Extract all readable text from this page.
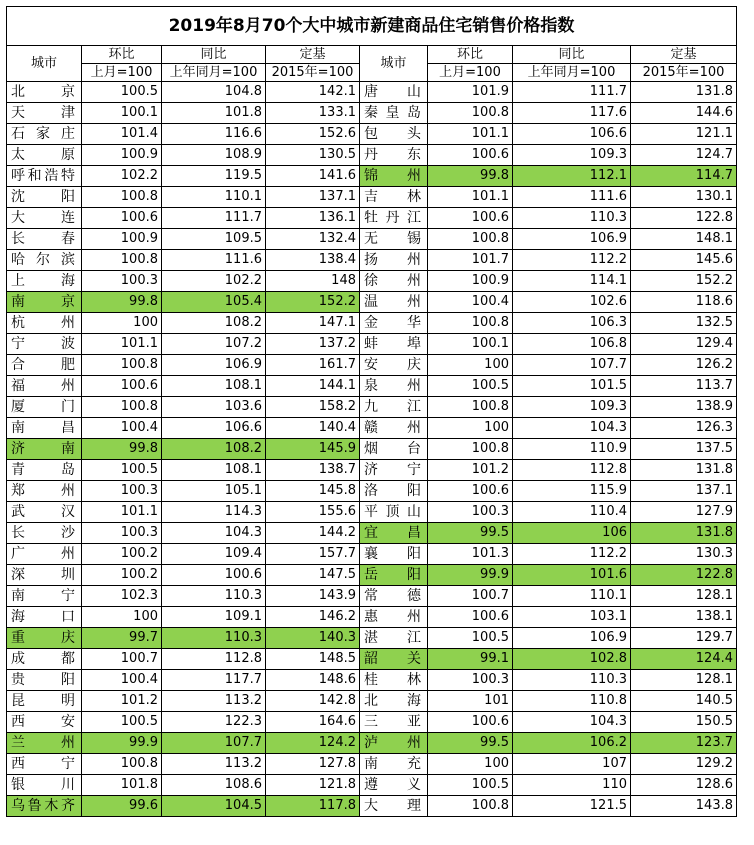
2019年8月70个大中城市新建商品住宅销售价格指数							
城市	环比	同比	定基	城市	环比	同比	定基
	上月=100	上年同月=100	2015年=100		上月=100	上年同月=100	2015年=100
北京	100.5	104.8	142.1	唐山	101.9	111.7	131.8
天津	100.1	101.8	133.1	秦皇岛	100.8	117.6	144.6
石家庄	101.4	116.6	152.6	包头	101.1	106.6	121.1
太原	100.9	108.9	130.5	丹东	100.6	109.3	124.7
呼和浩特	102.2	119.5	141.6	锦州	99.8	112.1	114.7
沈阳	100.8	110.1	137.1	吉林	101.1	111.6	130.1
大连	100.6	111.7	136.1	牡丹江	100.6	110.3	122.8
长春	100.9	109.5	132.4	无锡	100.8	106.9	148.1
哈尔滨	100.8	111.6	138.4	扬州	101.7	112.2	145.6
上海	100.3	102.2	148	徐州	100.9	114.1	152.2
南京	99.8	105.4	152.2	温州	100.4	102.6	118.6
杭州	100	108.2	147.1	金华	100.8	106.3	132.5
宁波	101.1	107.2	137.2	蚌埠	100.1	106.8	129.4
合肥	100.8	106.9	161.7	安庆	100	107.7	126.2
福州	100.6	108.1	144.1	泉州	100.5	101.5	113.7
厦门	100.8	103.6	158.2	九江	100.8	109.3	138.9
南昌	100.4	106.6	140.4	赣州	100	104.3	126.3
济南	99.8	108.2	145.9	烟台	100.8	110.9	137.5
青岛	100.5	108.1	138.7	济宁	101.2	112.8	131.8
郑州	100.3	105.1	145.8	洛阳	100.6	115.9	137.1
武汉	101.1	114.3	155.6	平顶山	100.3	110.4	127.9
长沙	100.3	104.3	144.2	宜昌	99.5	106	131.8
广州	100.2	109.4	157.7	襄阳	101.3	112.2	130.3
深圳	100.2	100.6	147.5	岳阳	99.9	101.6	122.8
南宁	102.3	110.3	143.9	常德	100.7	110.1	128.1
海口	100	109.1	146.2	惠州	100.6	103.1	138.1
重庆	99.7	110.3	140.3	湛江	100.5	106.9	129.7
成都	100.7	112.8	148.5	韶关	99.1	102.8	124.4
贵阳	100.4	117.7	148.6	桂林	100.3	110.3	128.1
昆明	101.2	113.2	142.8	北海	101	110.8	140.5
西安	100.5	122.3	164.6	三亚	100.6	104.3	150.5
兰州	99.9	107.7	124.2	泸州	99.5	106.2	123.7
西宁	100.8	113.2	127.8	南充	100	107	129.2
银川	101.8	108.6	121.8	遵义	100.5	110	128.6
乌鲁木齐	99.6	104.5	117.8	大理	100.8	121.5	143.8
